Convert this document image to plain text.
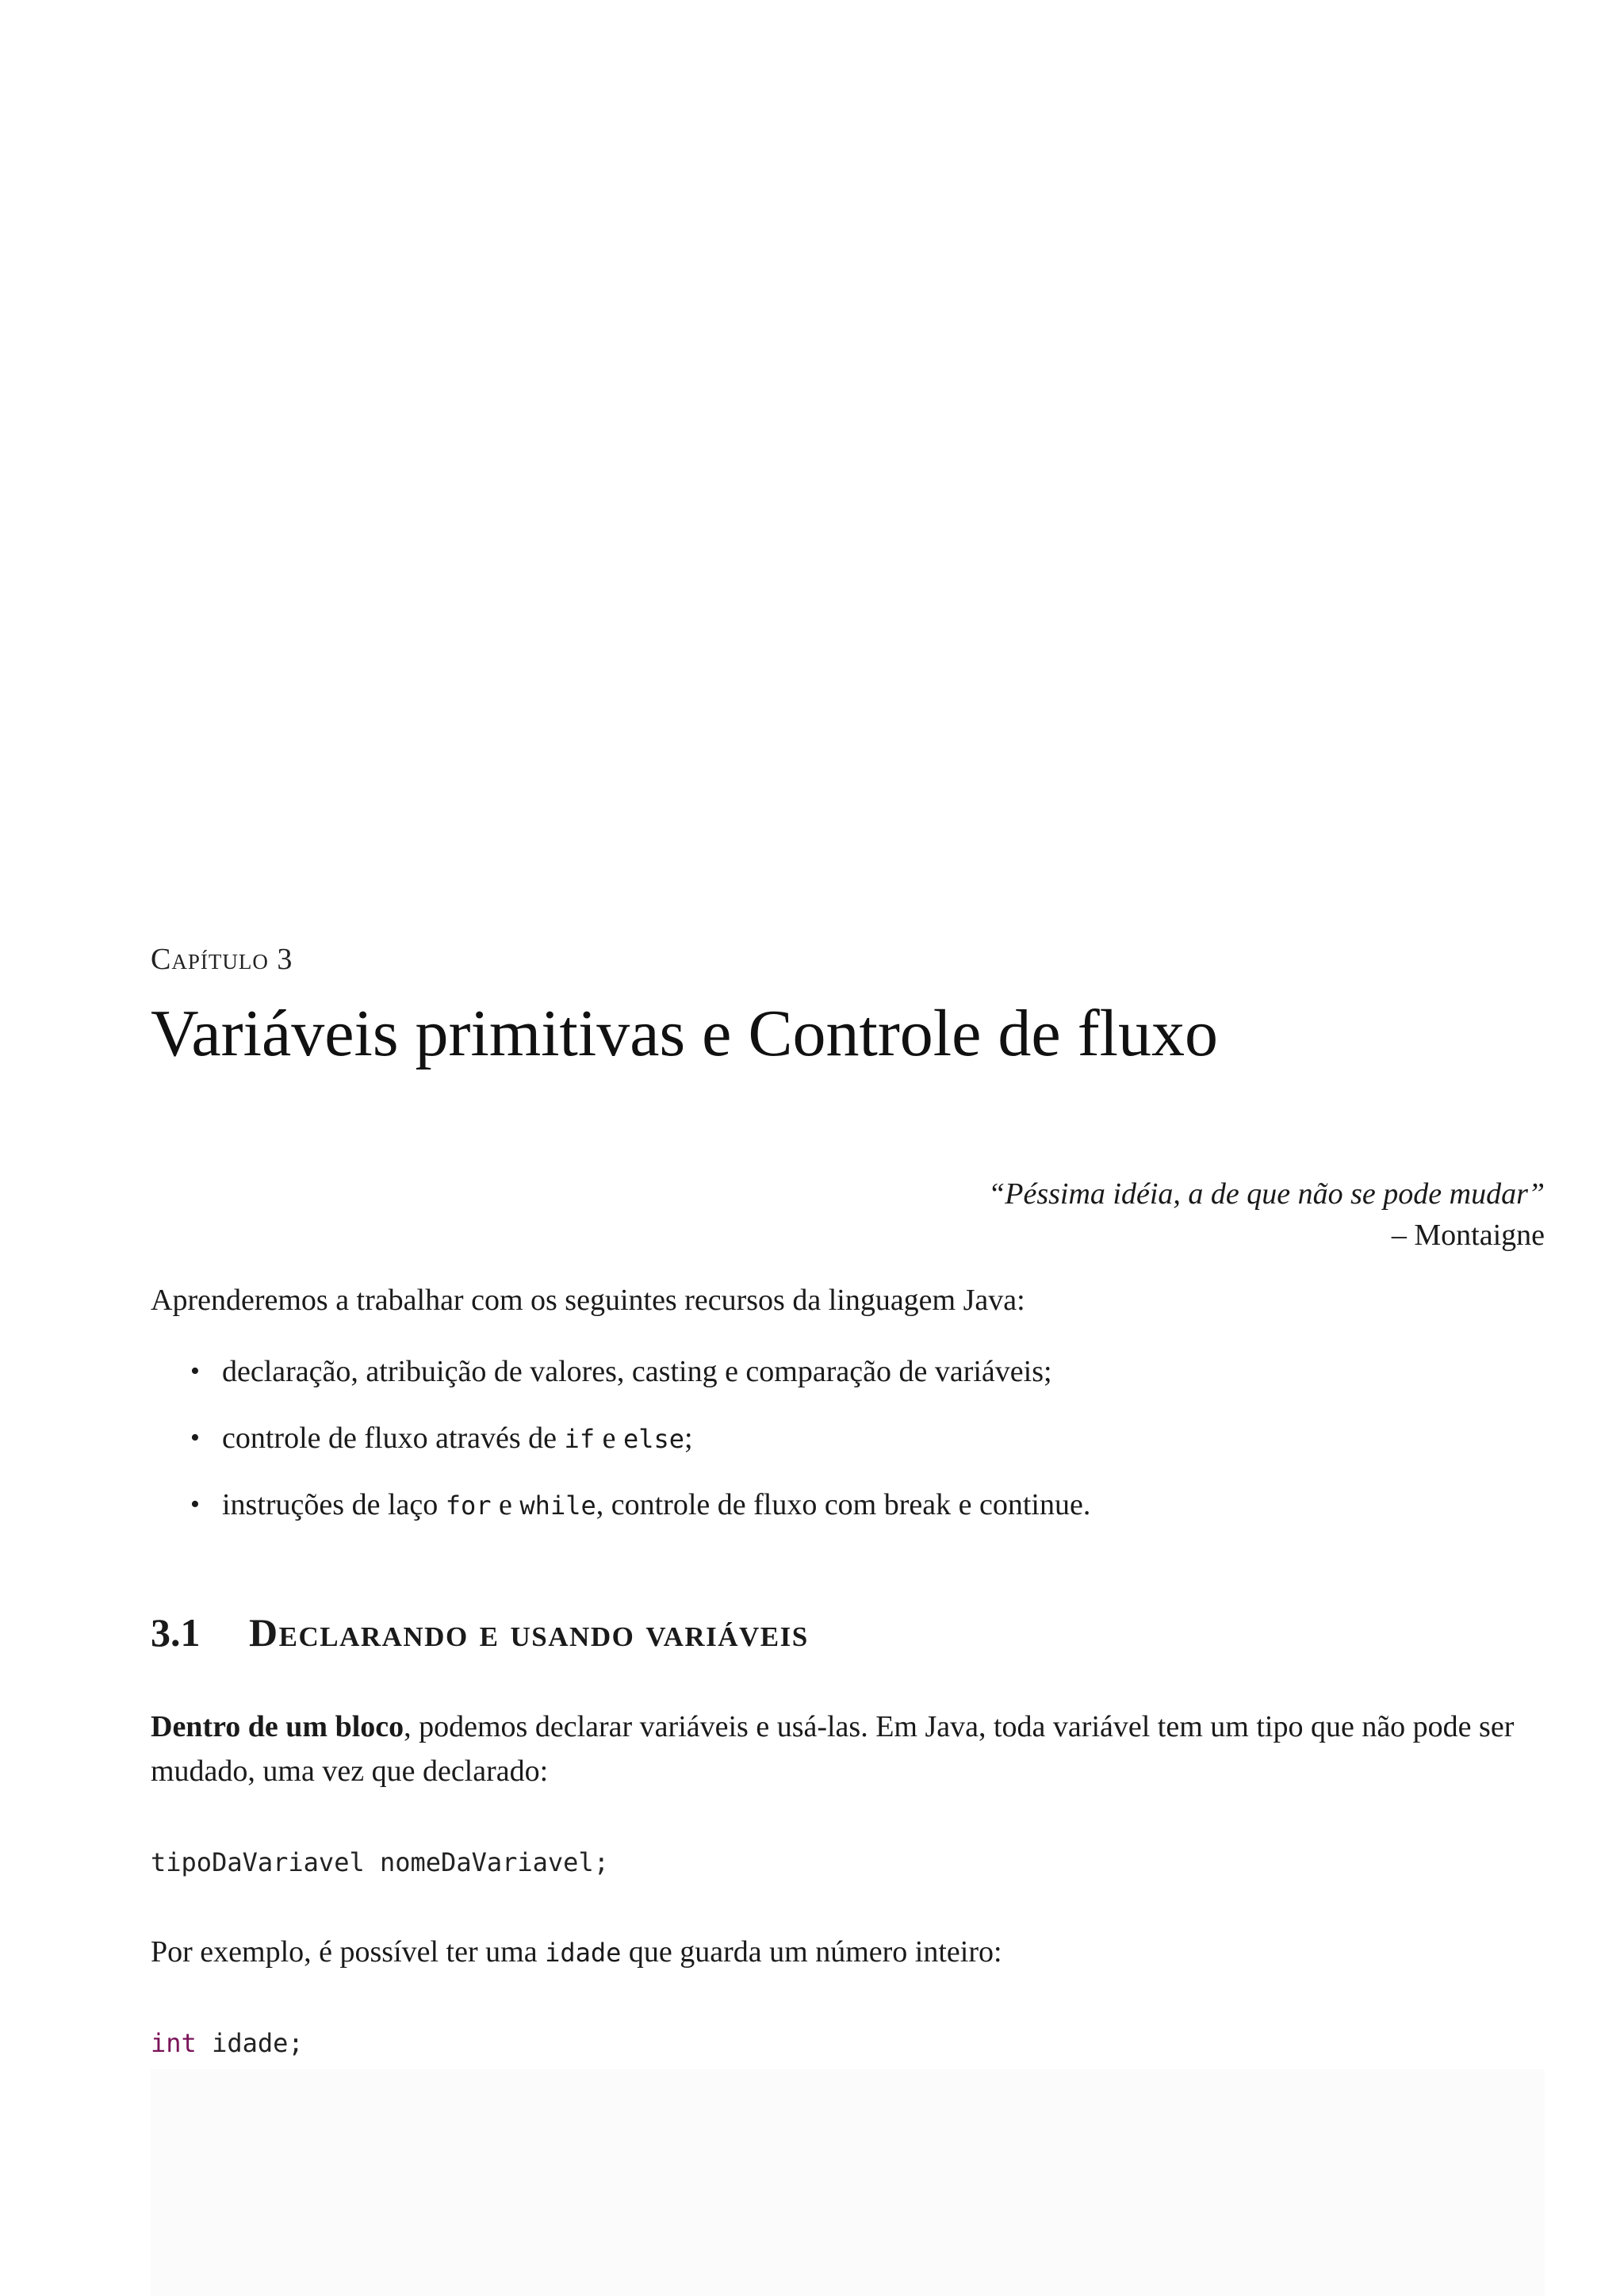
Capítulo 3
Variáveis primitivas e Controle de fluxo
“Péssima idéia, a de que não se pode mudar”
– Montaigne
Aprenderemos a trabalhar com os seguintes recursos da linguagem Java:
• declaração, atribuição de valores, casting e comparação de variáveis;
• controle de fluxo através de if e else;
• instruções de laço for e while, controle de fluxo com break e continue.
3.1 Declarando e usando variáveis
Dentro de um bloco, podemos declarar variáveis e usá-las. Em Java, toda variável tem um tipo que não pode ser mudado, uma vez que declarado:
tipoDaVariavel nomeDaVariavel;
Por exemplo, é possível ter uma idade que guarda um número inteiro:
int idade;
